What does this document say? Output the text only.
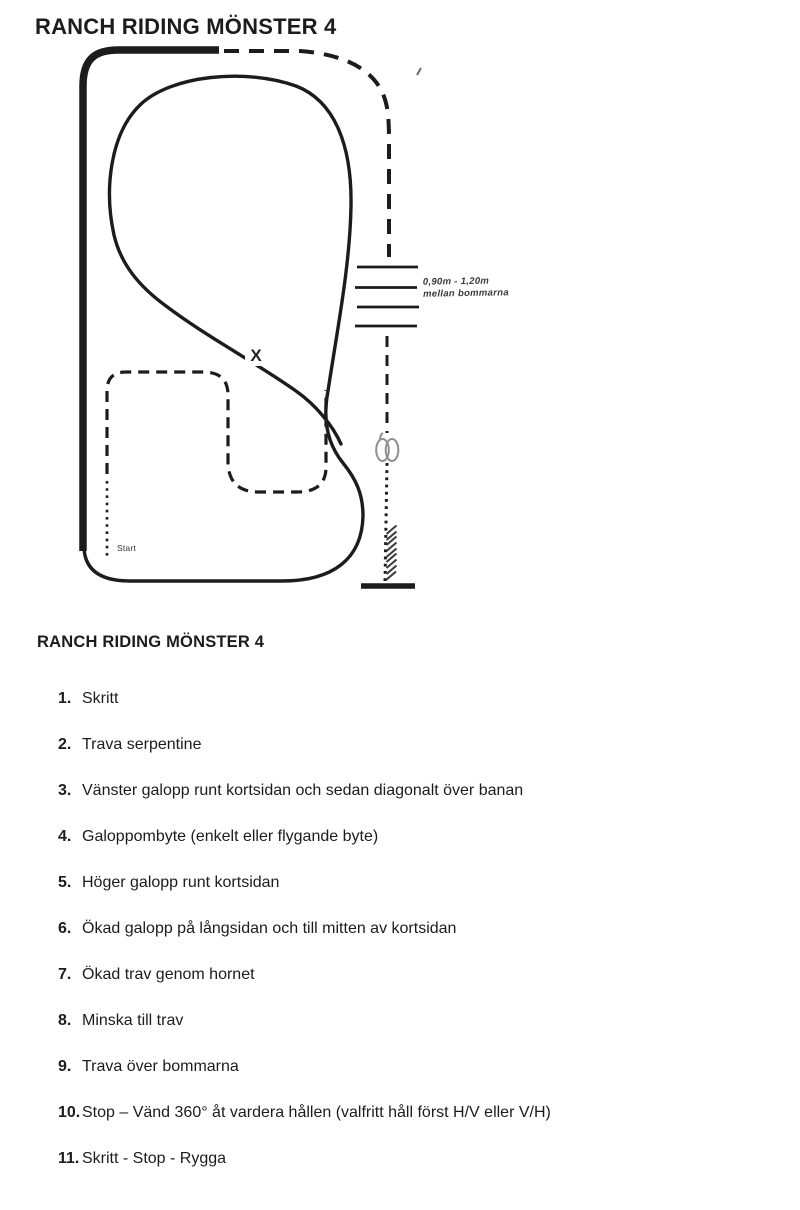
RANCH RIDING MÖNSTER 4
X
Start
0,90m - 1,20m
mellan bommarna
RANCH RIDING MÖNSTER 4
1. Skritt
2. Trava serpentine
3. Vänster galopp runt kortsidan och sedan diagonalt över banan
4. Galoppombyte (enkelt eller flygande byte)
5. Höger galopp runt kortsidan
6. Ökad galopp på långsidan och till mitten av kortsidan
7. Ökad trav genom hornet
8. Minska till trav
9. Trava över bommarna
10. Stop – Vänd 360° åt vardera hållen (valfritt håll först H/V eller V/H)
11. Skritt - Stop - Rygga
